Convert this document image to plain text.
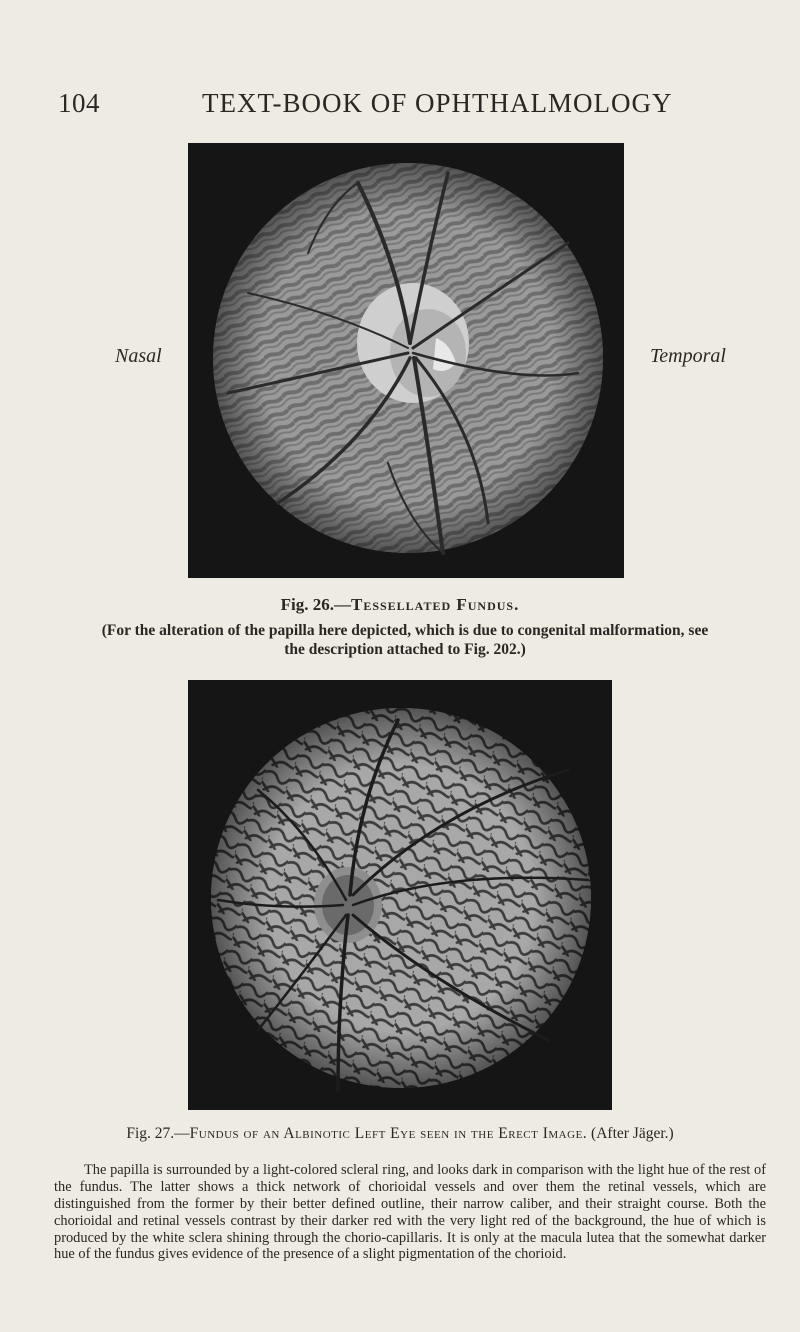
104	TEXT-BOOK OF OPHTHALMOLOGY
Nasal	Temporal
Fig. 26.—Tessellated Fundus.
(For the alteration of the papilla here depicted, which is due to congenital malformation, see the description attached to Fig. 202.)
Fig. 27.—Fundus of an Albinotic Left Eye seen in the Erect Image. (After Jäger.)

The papilla is surrounded by a light-colored scleral ring, and looks dark in comparison with the light hue of the rest of the fundus. The latter shows a thick network of chorioidal vessels and over them the retinal vessels, which are distinguished from the former by their better defined outline, their narrow caliber, and their straight course. Both the chorioidal and retinal vessels contrast by their darker red with the very light red of the background, the hue of which is produced by the white sclera shining through the chorio-capillaris. It is only at the macula lutea that the somewhat darker hue of the fundus gives evidence of the presence of a slight pigmentation of the chorioid.
